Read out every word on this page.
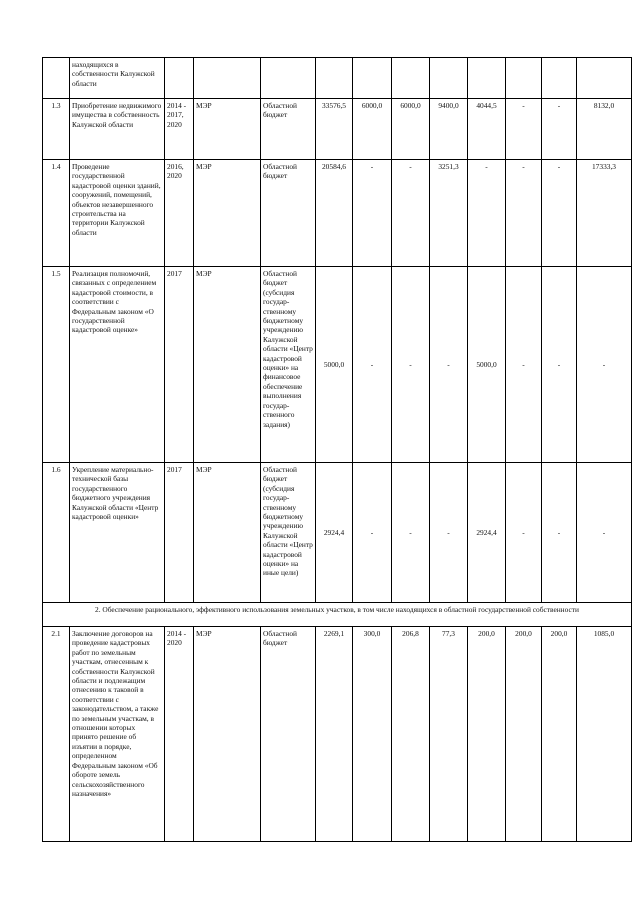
	находящихся в собственности Калужской области											
1.3	Приобретение недвижимого имущества в собственность Калужской области	2014 - 2017, 2020	МЭР	Областной бюджет	33576,5	6000,0	6000,0	9400,0	4044,5	-	-	8132,0
1.4	Проведение государственной кадастровой оценки зданий, сооружений, помещений, объектов незавершенного строительства на территории Калужской области	2016, 2020	МЭР	Областной бюджет	20584,6	-	-	3251,3	-	-	-	17333,3
1.5	Реализация полномочий, связанных с определением кадастровой стоимости, в соответствии с Федеральным законом «О государственной кадастровой оценке»	2017	МЭР	Областной бюджет (субсидия государ-ственному бюджетному учреждению Калужской области «Центр кадастровой оценки» на финансовое обеспечение выполнения государ-ственного задания)	5000,0	-	-	-	5000,0	-	-	-
1.6	Укрепление материально-технической базы государственного бюджетного учреждения Калужской области «Центр кадастровой оценки»	2017	МЭР	Областной бюджет (субсидия государ-ственному бюджетному учреждению Калужской области «Центр кадастровой оценки» на иные цели)	2924,4	-	-	-	2924,4	-	-	-
2. Обеспечение рационального, эффективного использования земельных участков, в том числе находящихся в областной государственной собственности												
2.1	Заключение договоров на проведение кадастровых работ по земельным участкам, отнесенным к собственности Калужской области и подлежащим отнесению к таковой в соответствии с законодательством, а также по земельным участкам, в отношении которых принято решение об изъятии в порядке, определенном Федеральным законом «Об обороте земель сельскохозяйственного назначения»	2014 - 2020	МЭР	Областной бюджет	2269,1	300,0	206,8	77,3	200,0	200,0	200,0	1085,0
